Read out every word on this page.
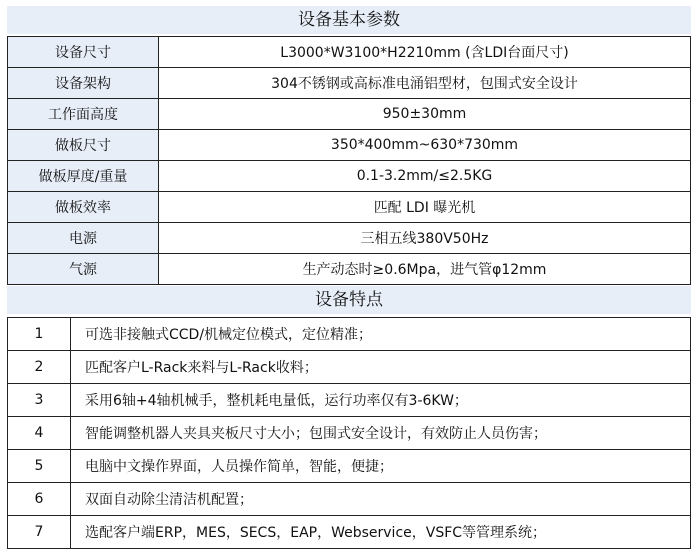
设备基本参数
设备尺寸	L3000*W3100*H2210mm (含LDI台面尺寸)
设备架构	304不锈钢或高标准电涌铝型材，包围式安全设计
工作面高度	950±30mm
做板尺寸	350*400mm~630*730mm
做板厚度/重量	0.1-3.2mm/≤2.5KG
做板效率	匹配 LDI 曝光机
电源	三相五线380V50Hz
气源	生产动态时≥0.6Mpa，进气管φ12mm
设备特点
1	可选非接触式CCD/机械定位模式，定位精准；
2	匹配客户L-Rack来料与L-Rack收料；
3	采用6轴+4轴机械手，整机耗电量低，运行功率仅有3-6KW；
4	智能调整机器人夹具夹板尺寸大小；包围式安全设计，有效防止人员伤害；
5	电脑中文操作界面，人员操作简单，智能，便捷；
6	双面自动除尘清洁机配置；
7	选配客户端ERP，MES，SECS，EAP，Webservice，VSFC等管理系统；
